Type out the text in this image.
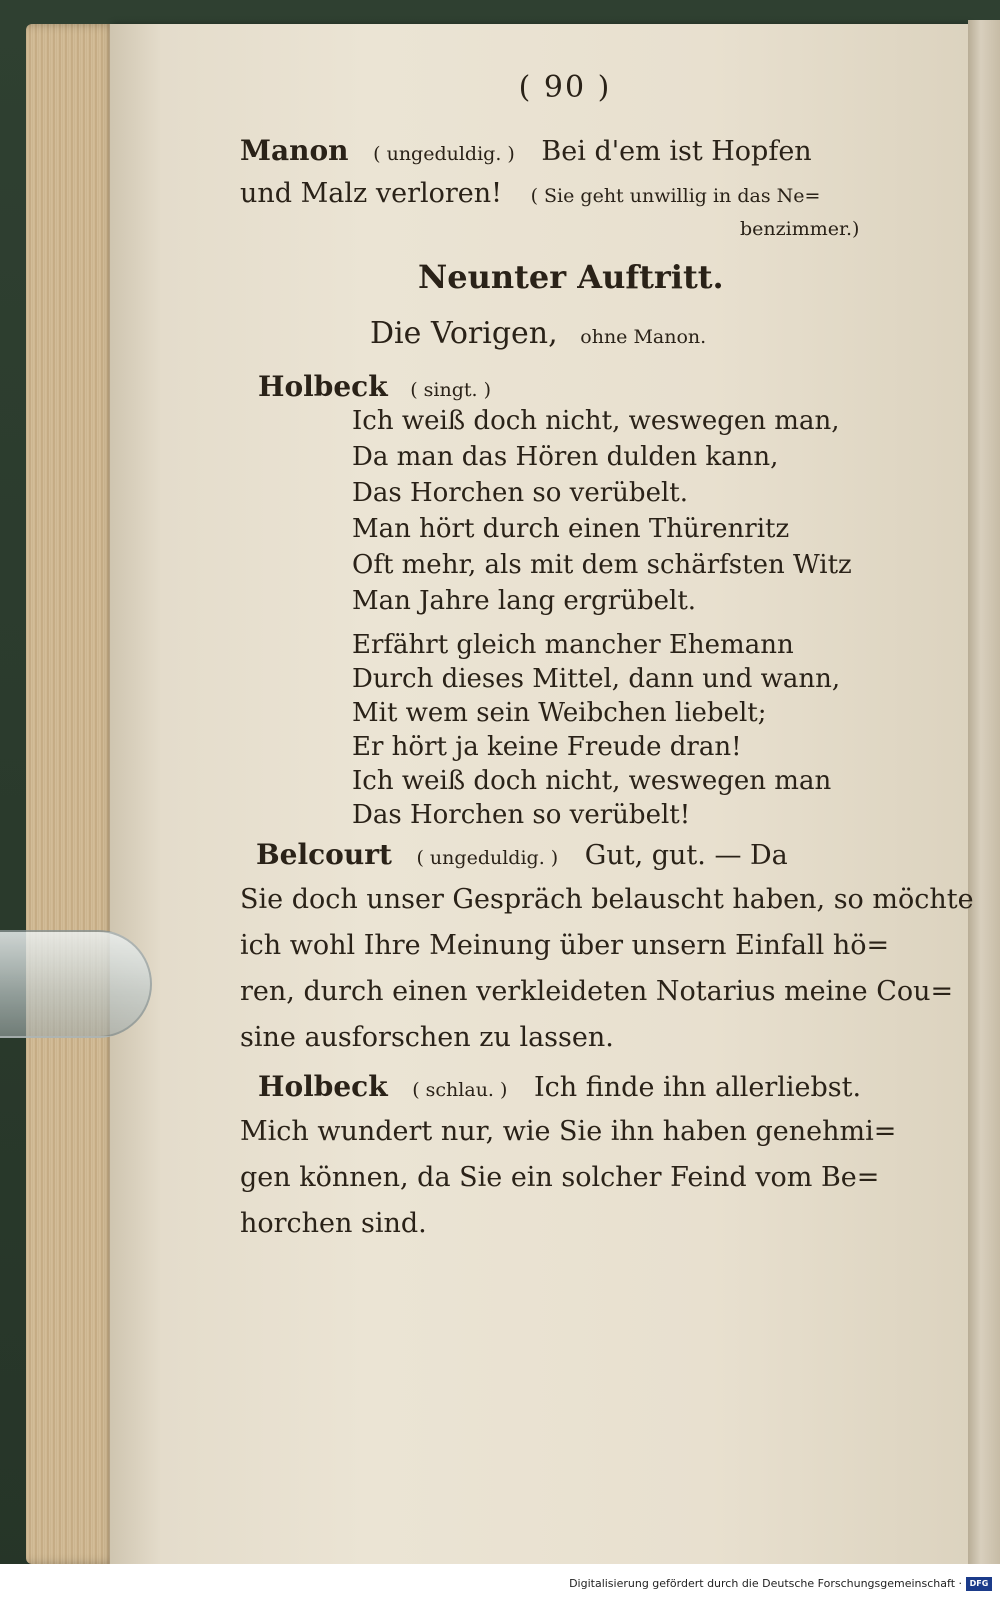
( 90 )
Manon ( ungeduldig. ) Bei d'em ist Hopfen
und Malz verloren! ( Sie geht unwillig in das Ne=
benzimmer.)
Neunter Auftritt.
Die Vorigen, ohne Manon.
Holbeck ( singt. )
Ich weiß doch nicht, weswegen man,
Da man das Hören dulden kann,
Das Horchen so verübelt.
Man hört durch einen Thürenritz
Oft mehr, als mit dem schärfsten Witz
Man Jahre lang ergrübelt.
Erfährt gleich mancher Ehemann
Durch dieses Mittel, dann und wann,
Mit wem sein Weibchen liebelt;
Er hört ja keine Freude dran!
Ich weiß doch nicht, weswegen man
Das Horchen so verübelt!
Belcourt ( ungeduldig. ) Gut, gut. — Da
Sie doch unser Gespräch belauscht haben, so möchte
ich wohl Ihre Meinung über unsern Einfall hö=
ren, durch einen verkleideten Notarius meine Cou=
sine ausforschen zu lassen.
Holbeck ( schlau. ) Ich finde ihn allerliebst.
Mich wundert nur, wie Sie ihn haben genehmi=
gen können, da Sie ein solcher Feind vom Be=
horchen sind.
Digitalisierung gefördert durch die Deutsche Forschungsgemeinschaft · DFG
